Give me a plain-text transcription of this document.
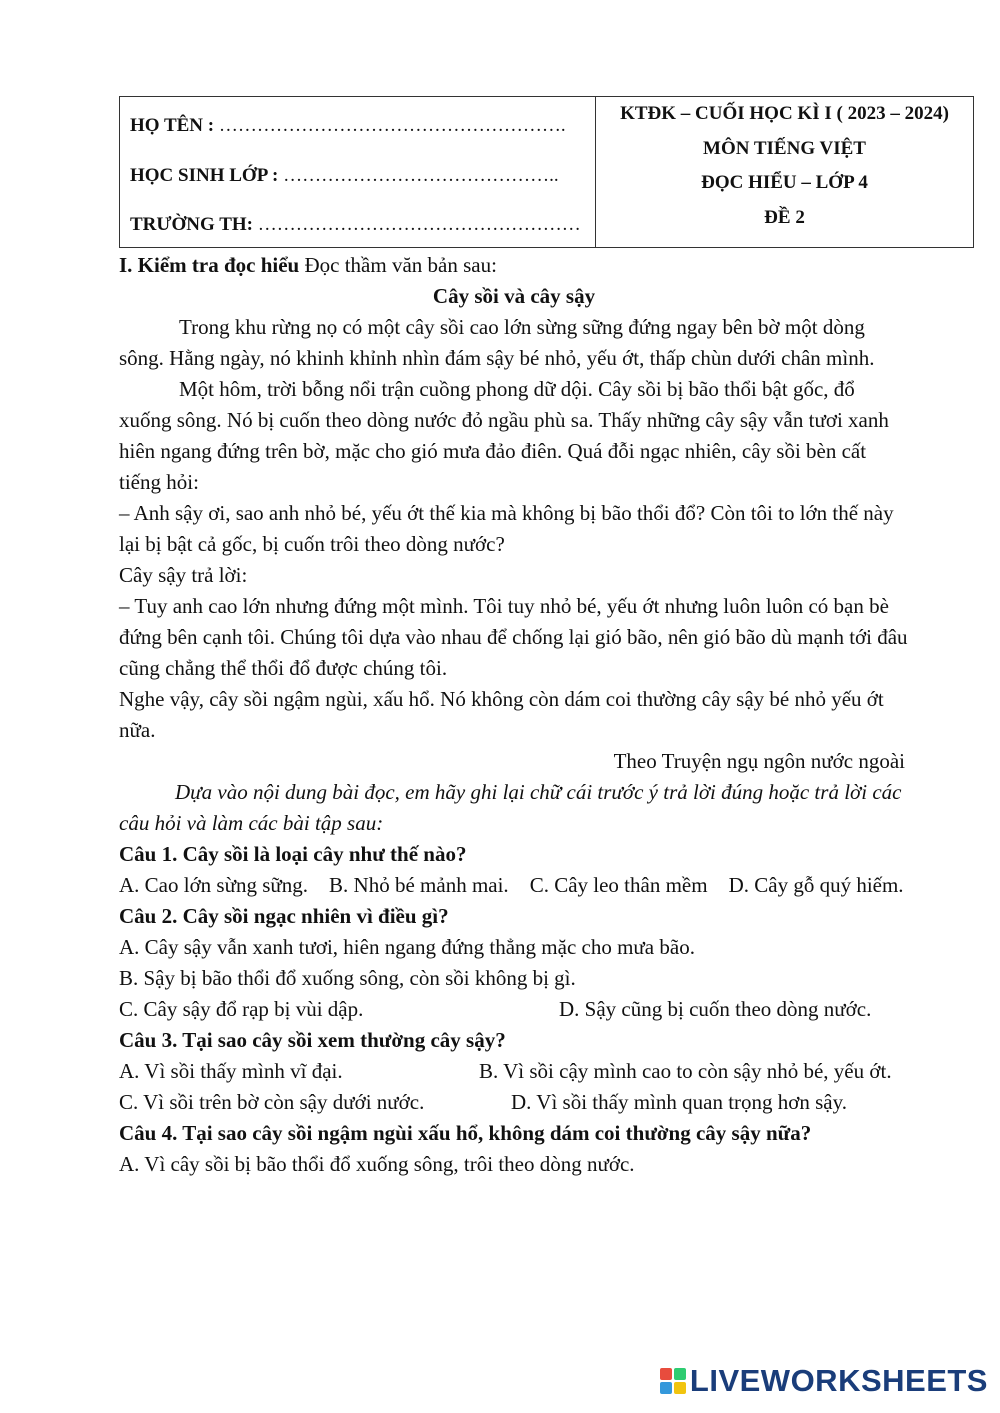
HỌ TÊN : ……………………………………………….
HỌC SINH LỚP : ……………………………………..
TRƯỜNG TH: ……………………………………………
KTĐK – CUỐI HỌC KÌ I ( 2023 – 2024)
MÔN TIẾNG VIỆT
ĐỌC HIỂU – LỚP 4
ĐỀ 2

I. Kiểm tra đọc hiểu Đọc thầm văn bản sau:

Cây sồi và cây sậy

Trong khu rừng nọ có một cây sồi cao lớn sừng sững đứng ngay bên bờ một dòng sông. Hằng ngày, nó khinh khỉnh nhìn đám sậy bé nhỏ, yếu ớt, thấp chùn dưới chân mình.

Một hôm, trời bỗng nổi trận cuồng phong dữ dội. Cây sồi bị bão thổi bật gốc, đổ xuống sông. Nó bị cuốn theo dòng nước đỏ ngầu phù sa. Thấy những cây sậy vẫn tươi xanh hiên ngang đứng trên bờ, mặc cho gió mưa đảo điên. Quá đỗi ngạc nhiên, cây sồi bèn cất tiếng hỏi:

– Anh sậy ơi, sao anh nhỏ bé, yếu ớt thế kia mà không bị bão thổi đổ? Còn tôi to lớn thế này lại bị bật cả gốc, bị cuốn trôi theo dòng nước?

Cây sậy trả lời:

– Tuy anh cao lớn nhưng đứng một mình. Tôi tuy nhỏ bé, yếu ớt nhưng luôn luôn có bạn bè đứng bên cạnh tôi. Chúng tôi dựa vào nhau để chống lại gió bão, nên gió bão dù mạnh tới đâu cũng chẳng thể thổi đổ được chúng tôi.

Nghe vậy, cây sồi ngậm ngùi, xấu hổ. Nó không còn dám coi thường cây sậy bé nhỏ yếu ớt nữa.

Theo Truyện ngụ ngôn nước ngoài

Dựa vào nội dung bài đọc, em hãy ghi lại chữ cái trước ý trả lời đúng hoặc trả lời các câu hỏi và làm các bài tập sau:

Câu 1. Cây sồi là loại cây như thế nào?

A. Cao lớn sừng sững. B. Nhỏ bé mảnh mai. C. Cây leo thân mềm D. Cây gỗ quý hiếm.

Câu 2. Cây sồi ngạc nhiên vì điều gì?

A. Cây sậy vẫn xanh tươi, hiên ngang đứng thẳng mặc cho mưa bão.

B. Sậy bị bão thổi đổ xuống sông, còn sồi không bị gì.

C. Cây sậy đổ rạp bị vùi dập.	D. Sậy cũng bị cuốn theo dòng nước.

Câu 3. Tại sao cây sồi xem thường cây sậy?

A. Vì sồi thấy mình vĩ đại.	B. Vì sồi cậy mình cao to còn sậy nhỏ bé, yếu ớt.

C. Vì sồi trên bờ còn sậy dưới nước.	D. Vì sồi thấy mình quan trọng hơn sậy.

Câu 4. Tại sao cây sồi ngậm ngùi xấu hổ, không dám coi thường cây sậy nữa?

A. Vì cây sồi bị bão thổi đổ xuống sông, trôi theo dòng nước.

LIVEWORKSHEETS
